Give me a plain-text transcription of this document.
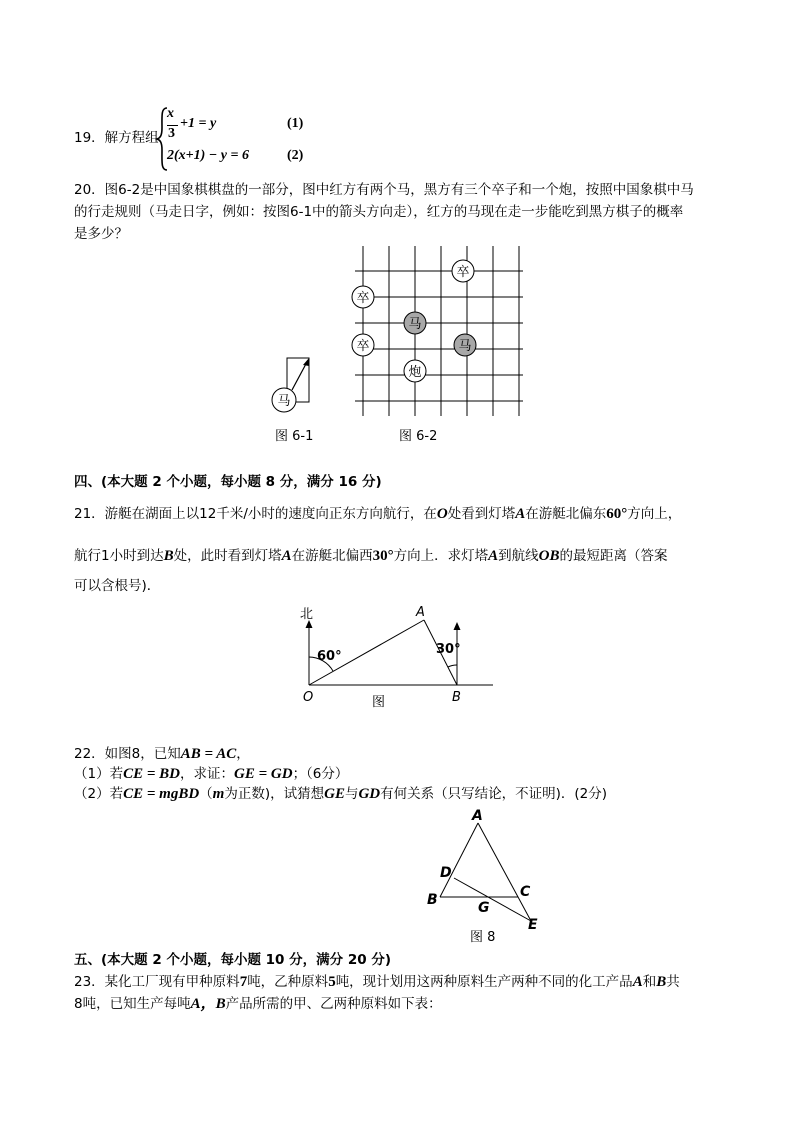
19．解方程组
x
3
+1 = y	(1)
2(x+1) − y = 6	(2)
20．图6-2是中国象棋棋盘的一部分，图中红方有两个马，黑方有三个卒子和一个炮，按照中国象棋中马
的行走规则（马走日字，例如：按图6-1中的箭头方向走），红方的马现在走一步能吃到黑方棋子的概率
是多少？
马
图 6-1
卒
卒
马
卒	马
炮
图 6-2
四、(本大题 2 个小题，每小题 8 分，满分 16 分)
21．游艇在湖面上以12千米/小时的速度向正东方向航行，在O处看到灯塔A在游艇北偏东60°方向上，
航行1小时到达B处，此时看到灯塔A在游艇北偏西30°方向上．求灯塔A到航线OB的最短距离（答案
可以含根号)．
北	A
O	B
60°	30°
图
22．如图8，已知AB = AC，
（1）若CE = BD，求证：GE = GD；（6分）
（2）若CE = mgBD（m为正数)，试猜想GE与GD有何关系（只写结论，不证明)．(2分)
A
D
B	C
G
E
图 8
五、(本大题 2 个小题，每小题 10 分，满分 20 分)
23．某化工厂现有甲种原料7吨，乙种原料5吨，现计划用这两种原料生产两种不同的化工产品A和B共
8吨，已知生产每吨A，B产品所需的甲、乙两种原料如下表：
